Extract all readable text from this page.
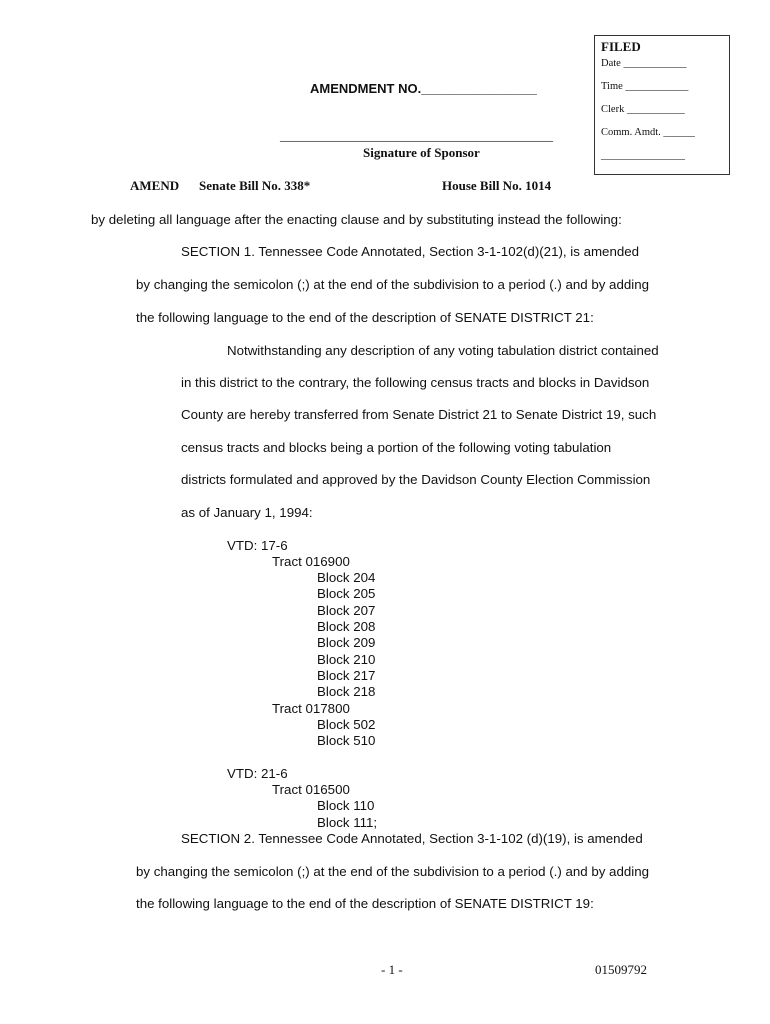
FILED
Date ____________
Time ____________
Clerk ___________
Comm. Amdt. ______
________________
AMENDMENT NO.________________
__________________________________________
Signature of Sponsor
AMEND Senate Bill No. 338*	House Bill No. 1014
by deleting all language after the enacting clause and by substituting instead the following:
SECTION 1. Tennessee Code Annotated, Section 3-1-102(d)(21), is amended
by changing the semicolon (;) at the end of the subdivision to a period (.) and by adding
the following language to the end of the description of SENATE DISTRICT 21:
Notwithstanding any description of any voting tabulation district contained
in this district to the contrary, the following census tracts and blocks in Davidson
County are hereby transferred from Senate District 21 to Senate District 19, such
census tracts and blocks being a portion of the following voting tabulation
districts formulated and approved by the Davidson County Election Commission
as of January 1, 1994:
VTD: 17-6
Tract 016900
Block 204
Block 205
Block 207
Block 208
Block 209
Block 210
Block 217
Block 218
Tract 017800
Block 502
Block 510
VTD: 21-6
Tract 016500
Block 110
Block 111;
SECTION 2. Tennessee Code Annotated, Section 3-1-102 (d)(19), is amended
by changing the semicolon (;) at the end of the subdivision to a period (.) and by adding
the following language to the end of the description of SENATE DISTRICT 19:
- 1 -	01509792
